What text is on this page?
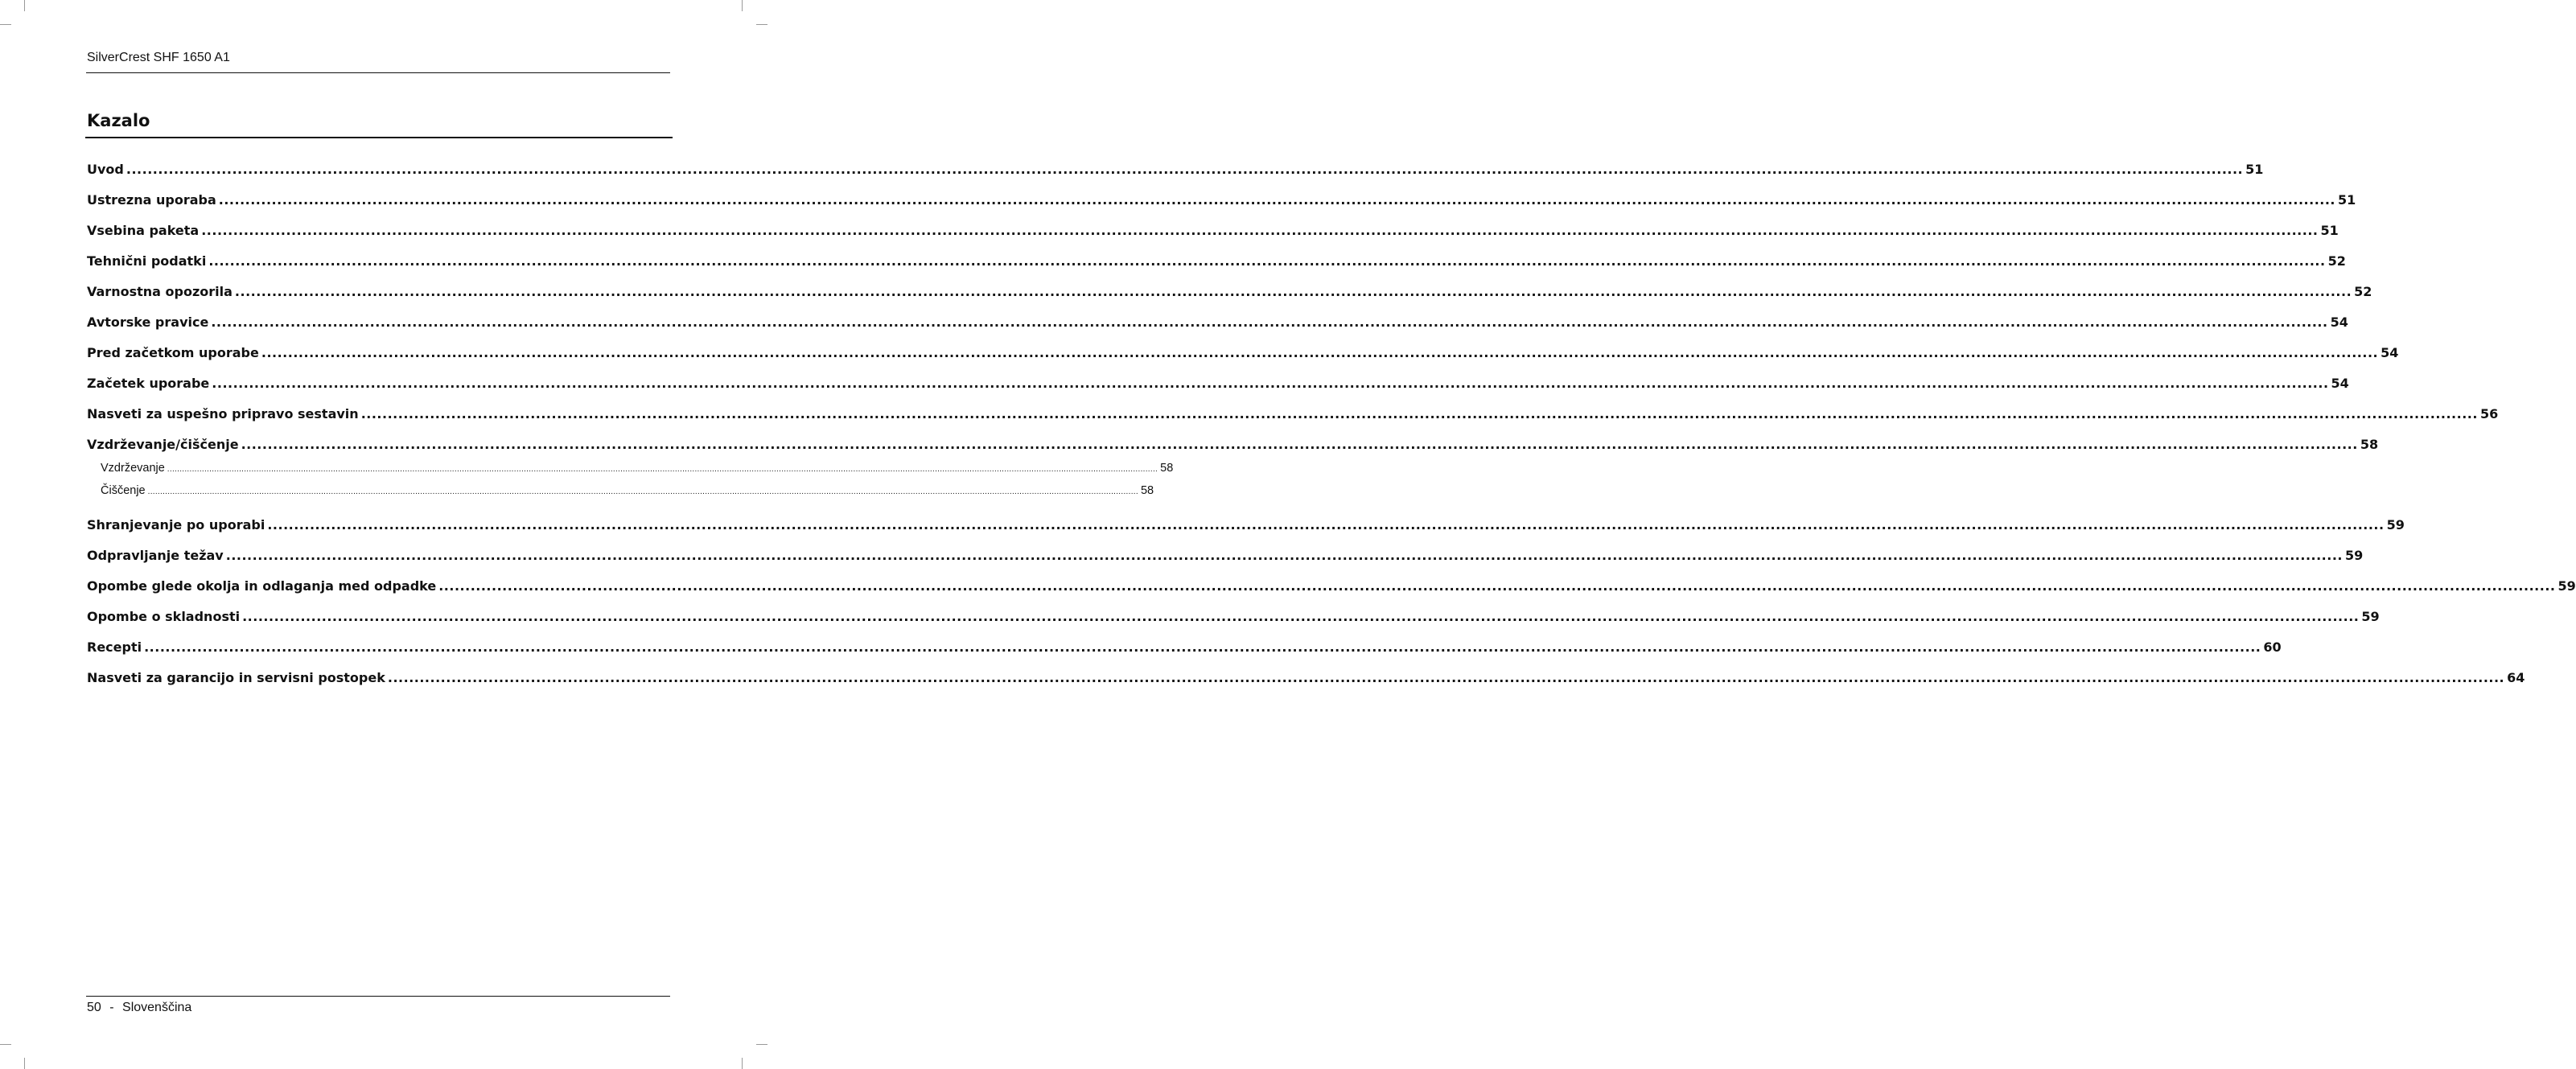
SilverCrest SHF 1650 A1
Kazalo
Uvod ................................................................................................................................................................................................................................................................................................................................................................................................................ 51
Ustrezna uporaba ................................................................................................................................................................................................................................................................................................................................................................................................................ 51
Vsebina paketa ................................................................................................................................................................................................................................................................................................................................................................................................................ 51
Tehnični podatki ................................................................................................................................................................................................................................................................................................................................................................................................................ 52
Varnostna opozorila ................................................................................................................................................................................................................................................................................................................................................................................................................ 52
Avtorske pravice ................................................................................................................................................................................................................................................................................................................................................................................................................ 54
Pred začetkom uporabe ................................................................................................................................................................................................................................................................................................................................................................................................................ 54
Začetek uporabe ................................................................................................................................................................................................................................................................................................................................................................................................................ 54
Nasveti za uspešno pripravo sestavin ................................................................................................................................................................................................................................................................................................................................................................................................................ 56
Vzdrževanje/čiščenje ................................................................................................................................................................................................................................................................................................................................................................................................................ 58
Vzdrževanje ................................................................................................................................................................................................................................................................................................................................................................................................................ 58
Čiščenje ................................................................................................................................................................................................................................................................................................................................................................................................................ 58
Shranjevanje po uporabi ................................................................................................................................................................................................................................................................................................................................................................................................................ 59
Odpravljanje težav ................................................................................................................................................................................................................................................................................................................................................................................................................ 59
Opombe glede okolja in odlaganja med odpadke ................................................................................................................................................................................................................................................................................................................................................................................................................ 59
Opombe o skladnosti ................................................................................................................................................................................................................................................................................................................................................................................................................ 59
Recepti ................................................................................................................................................................................................................................................................................................................................................................................................................ 60
Nasveti za garancijo in servisni postopek ................................................................................................................................................................................................................................................................................................................................................................................................................ 64
50 - Slovenščina
